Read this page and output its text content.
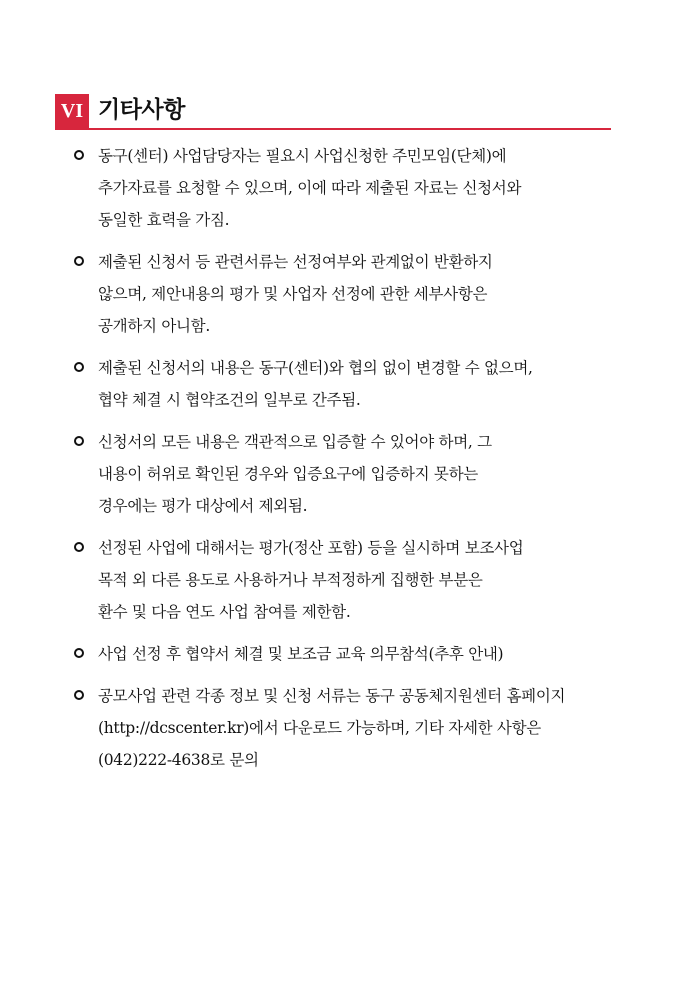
VI 기타사항
동구(센터) 사업담당자는 필요시 사업신청한 주민모임(단체)에
추가자료를 요청할 수 있으며, 이에 따라 제출된 자료는 신청서와
동일한 효력을 가짐.
제출된 신청서 등 관련서류는 선정여부와 관계없이 반환하지
않으며, 제안내용의 평가 및 사업자 선정에 관한 세부사항은
공개하지 아니함.
제출된 신청서의 내용은 동구(센터)와 협의 없이 변경할 수 없으며,
협약 체결 시 협약조건의 일부로 간주됨.
신청서의 모든 내용은 객관적으로 입증할 수 있어야 하며, 그
내용이 허위로 확인된 경우와 입증요구에 입증하지 못하는
경우에는 평가 대상에서 제외됨.
선정된 사업에 대해서는 평가(정산 포함) 등을 실시하며 보조사업
목적 외 다른 용도로 사용하거나 부적정하게 집행한 부분은
환수 및 다음 연도 사업 참여를 제한함.
사업 선정 후 협약서 체결 및 보조금 교육 의무참석(추후 안내)
공모사업 관련 각종 정보 및 신청 서류는 동구 공동체지원센터 홈페이지
(http://dcscenter.kr)에서 다운로드 가능하며, 기타 자세한 사항은
(042)222-4638로 문의
